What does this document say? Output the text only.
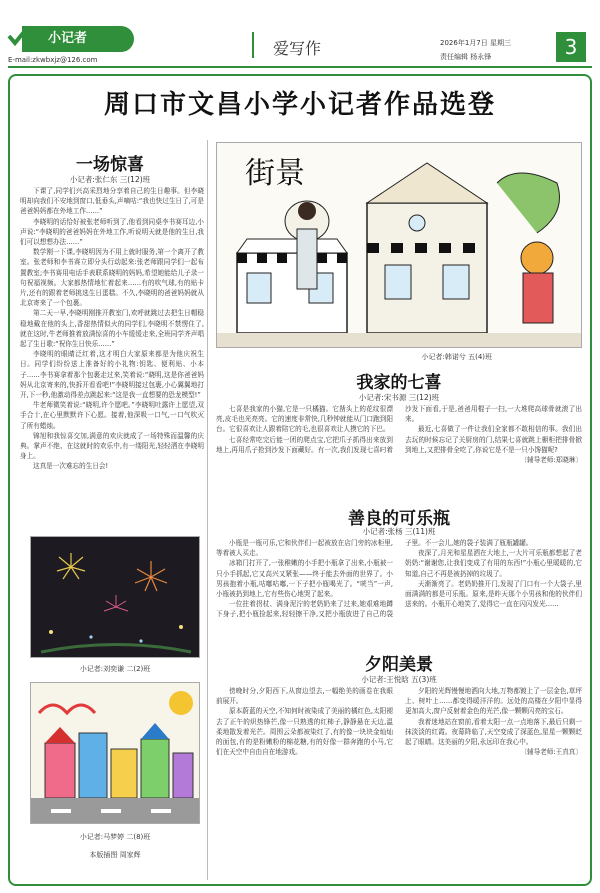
小记者
E-mail:zkwbxjz@126.com
爱写作	2026年1月7日 星期三
责任编辑 杨永锋	3
周口市文昌小学小记者作品选登
一场惊喜
小记者:张仁东 三(12)班

下课了,同学们兴高采烈地分享着自己的生日趣事。但李晓明却向我们不安地到窗口,低垂头,声嘀咕:“我也快过生日了,可是爸爸妈妈都在外地工作……”

李晓明的话恰好被张老师听到了,他看到同桌李书赛耳边,小声说:“李晓明的爸爸妈妈在外地工作,听说明天就是他的生日,我们可以想想办法……”

数学刚一下课,李晓明因为不用上就时服务,第一个离开了教室。张老师和李书赛立即分头行动起来:张老师跟同学们一起布置教室;李书赛用电话手表联系晓明的妈妈,希望她能给儿子录一句祝福视频。大家都热情地忙着起来……有的吹气球,有的贴卡片,还有的跟着老师挑选生日蛋糕。不久,李晓明的爸爸妈妈就从北京寄来了一个包裹。

第二天一早,李晓明刚推开教室门,欢呼就跳过去把生日帽稳稳地戴在他的头上,香甜热情似火的同学们,李晓明不禁愣住了,就在这时,牛老师推着放满惊喜的小车缓缓走来,全班同学齐声唱起了生日歌:“祝你生日快乐……”

李晓明的眼睛泛红着,这才明白大家原来都是为他庆祝生日。同学们纷纷送上准备好的小礼物:钥匙、便利贴、小本子……李书赛拿着那个包裹走过来,笑着说:“晓明,这是你爸爸妈妈从北京寄来的,快拆开看看吧!”李晓明接过包裹,小心翼翼地打开,下一秒,他激动得差点跳起来:“这是我一直想要的恐龙模型!”

牛老师微笑着说:“晓明,许个愿吧。”李晓明吐露许上愿望,双手合十,在心里默默许下心愿。接着,他深吸一口气,一口气吹灭了所有蜡烛。

锦旭和我惊喜交加,满意的欢庆就成了一场特殊而温馨的庆典。掌声不绝、在这就时的欢乐中,有一缕阳光,轻轻洒在李晓明身上。

这真是一次难忘的生日会!

小记者:刘奕谦 二(2)班
小记者:马梦婷 二(8)班
本版插图 周家辉
街景
小记者:韩诺兮 五(4)班
我家的七喜
小记者:宋书源 三(12)班

七喜是我家的小猫,它是一只橘猫。它凿头上的花纹很漂亮,皮毛也光亮亮。它的速度非常快,几秒钟就能从门口跑到阳台。它很喜欢让人跟着陪它的毛,也很喜欢让人摸它的下巴。

七喜经常吃完后能一团的爬点宝,它把爪子抓得出来放到地上,再用爪子抢到沙发下面藏好。有一次,我们发现七喜叼着沙发下面看,于是,爸爸用棍子一扫,一大堆爬高球骨就滚了出来。

最近,七喜做了一件让我们全家都不敢相信的事。我们出去玩的时候忘记了关厨房的门,结果七喜就跳上橱柜把排骨掀到地上,又把排骨全吃了,你说它是不是一只小馋猫呢?

〔辅导老师:郑晓琳〕

善良的可乐瓶
小记者:张杨 三(11)班

小瓶是一瓶可乐,它和伙伴们一起被放在店门旁的冰柜里,等着被人买走。

冰箱门打开了,一张稚嫩的小手把小瓶拿了出来,小瓶被一只小手抓起,它又高兴又紧张——终于能去外面的世界了。小男孩抱着小瓶,咕嘟咕嘟,一下子把小瓶喝光了。“咣当”一声,小瓶被扔到地上,它有些伤心地哭了起来。

一位拄着拐杖、满身泥泞的老奶奶来了过来,她艰难地蹲下身子,把小瓶捡起来,轻轻擦干净,又把小瓶放进了自己的袋子里。不一会儿,她的袋子装满了瓶瓶罐罐。

夜深了,月光和星星洒在大地上,一大片可乐瓶都想起了老奶奶:“谢谢您,让我们变成了有用的东西!”小瓶心里暖暖的,它知道,自己不再是被扔掉的垃圾了。

天渐渐亮了。老奶奶推开门,发现了门口有一个大袋子,里面满满的都是可乐瓶。原来,是昨天那个小男孩和他的伙伴们送来的。小瓶开心地笑了,觉得它一直在闪闪发光……

夕阳美景
小记者:王悦晗 五(3)班

傍晚时分,夕阳西下,从窗边望去,一幅绝美的画卷在我眼前展开。

原本蔚蓝的天空,不知何时被染成了美丽的橘红色,太阳褪去了正午的炽热锋芒,像一只熟透的红柿子,静静悬在天边,温柔地散发着光芒。周围云朵都被染红了,有的像一块块金灿灿的面包,有的是粉嫩粉的棉花糖,有的好像一群奔跑的小马,它们在天空中自由自在地游戏。

夕阳的光辉慢慢地洒向大地,万物都镀上了一层金色,草坪上、树叶上……都变得暖洋洋的。远处的高楼在夕阳中显得更加高大,窗户反射着金色的光芒,像一颗颗闪亮的宝石。

我着迷地站在窗前,看着太阳一点一点地落下,最后只剩一抹淡淡的红霞。夜幕降临了,天空变成了深蓝色,星星一颗颗眨起了眼睛。这美丽的夕阳,永远印在我心中。

〔辅导老师:王真真〕
